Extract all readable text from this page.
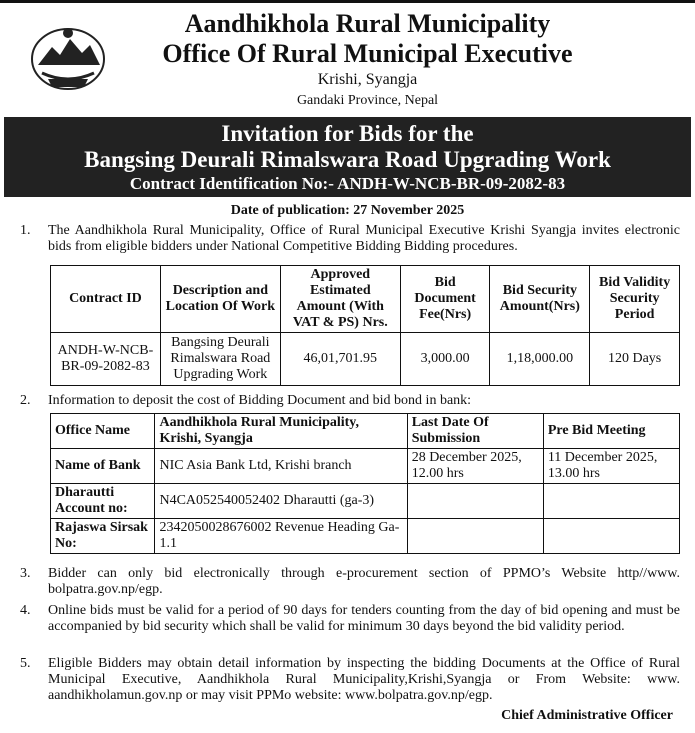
Aandhikhola Rural Municipality
Office Of Rural Municipal Executive
Krishi, Syangja
Gandaki Province, Nepal
Invitation for Bids for the
Bangsing Deurali Rimalswara Road Upgrading Work
Contract Identification No:- ANDH-W-NCB-BR-09-2082-83
Date of publication: 27 November 2025
1.	The Aandhikhola Rural Municipality, Office of Rural Municipal Executive Krishi Syangja invites electronic bids from eligible bidders under National Competitive Bidding Bidding procedures.
Contract ID	Description and Location Of Work	Approved Estimated Amount (With VAT & PS) Nrs.	Bid Document Fee(Nrs)	Bid Security Amount(Nrs)	Bid Validity Security Period
ANDH-W-NCB-BR-09-2082-83	Bangsing Deurali Rimalswara Road Upgrading Work	46,01,701.95	3,000.00	1,18,000.00	120 Days
2.	Information to deposit the cost of Bidding Document and bid bond in bank:
Office Name	Aandhikhola Rural Municipality, Krishi, Syangja	Last Date Of Submission	Pre Bid Meeting
Name of Bank	NIC Asia Bank Ltd, Krishi branch	28 December 2025, 12.00 hrs	11 December 2025, 13.00 hrs
Dharautti Account no:	N4CA052540052402 Dharautti (ga-3)		
Rajaswa Sirsak No:	2342050028676002 Revenue Heading Ga-1.1		
3.	Bidder can only bid electronically through e-procurement section of PPMO’s Website http//www. bolpatra.gov.np/egp.
4.	Online bids must be valid for a period of 90 days for tenders counting from the day of bid opening and must be accompanied by bid security which shall be valid for minimum 30 days beyond the bid validity period.
5.	Eligible Bidders may obtain detail information by inspecting the bidding Documents at the Office of Rural Municipal Executive, Aandhikhola Rural Municipality,Krishi,Syangja or From Website: www. aandhikholamun.gov.np or may visit PPMo website: www.bolpatra.gov.np/egp.
Chief Administrative Officer
